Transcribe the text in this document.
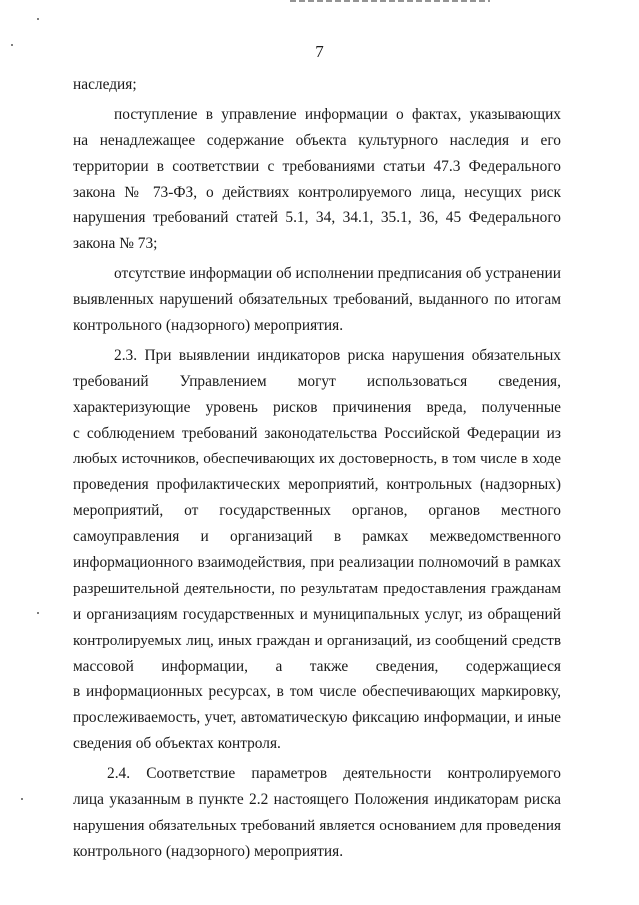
7
наследия;
поступление в управление информации о фактах, указывающих
на ненадлежащее содержание объекта культурного наследия и его
территории в соответствии с требованиями статьи 47.3 Федерального
закона № 73-ФЗ, о действиях контролируемого лица, несущих риск
нарушения требований статей 5.1, 34, 34.1, 35.1, 36, 45 Федерального
закона № 73;
отсутствие информации об исполнении предписания об устранении
выявленных нарушений обязательных требований, выданного по итогам
контрольного (надзорного) мероприятия.
2.3. При выявлении индикаторов риска нарушения обязательных
требований Управлением могут использоваться сведения,
характеризующие уровень рисков причинения вреда, полученные
с соблюдением требований законодательства Российской Федерации из
любых источников, обеспечивающих их достоверность, в том числе в ходе
проведения профилактических мероприятий, контрольных (надзорных)
мероприятий, от государственных органов, органов местного
самоуправления и организаций в рамках межведомственного
информационного взаимодействия, при реализации полномочий в рамках
разрешительной деятельности, по результатам предоставления гражданам
и организациям государственных и муниципальных услуг, из обращений
контролируемых лиц, иных граждан и организаций, из сообщений средств
массовой информации, а также сведения, содержащиеся
в информационных ресурсах, в том числе обеспечивающих маркировку,
прослеживаемость, учет, автоматическую фиксацию информации, и иные
сведения об объектах контроля.
2.4. Соответствие параметров деятельности контролируемого
лица указанным в пункте 2.2 настоящего Положения индикаторам риска
нарушения обязательных требований является основанием для проведения
контрольного (надзорного) мероприятия.
